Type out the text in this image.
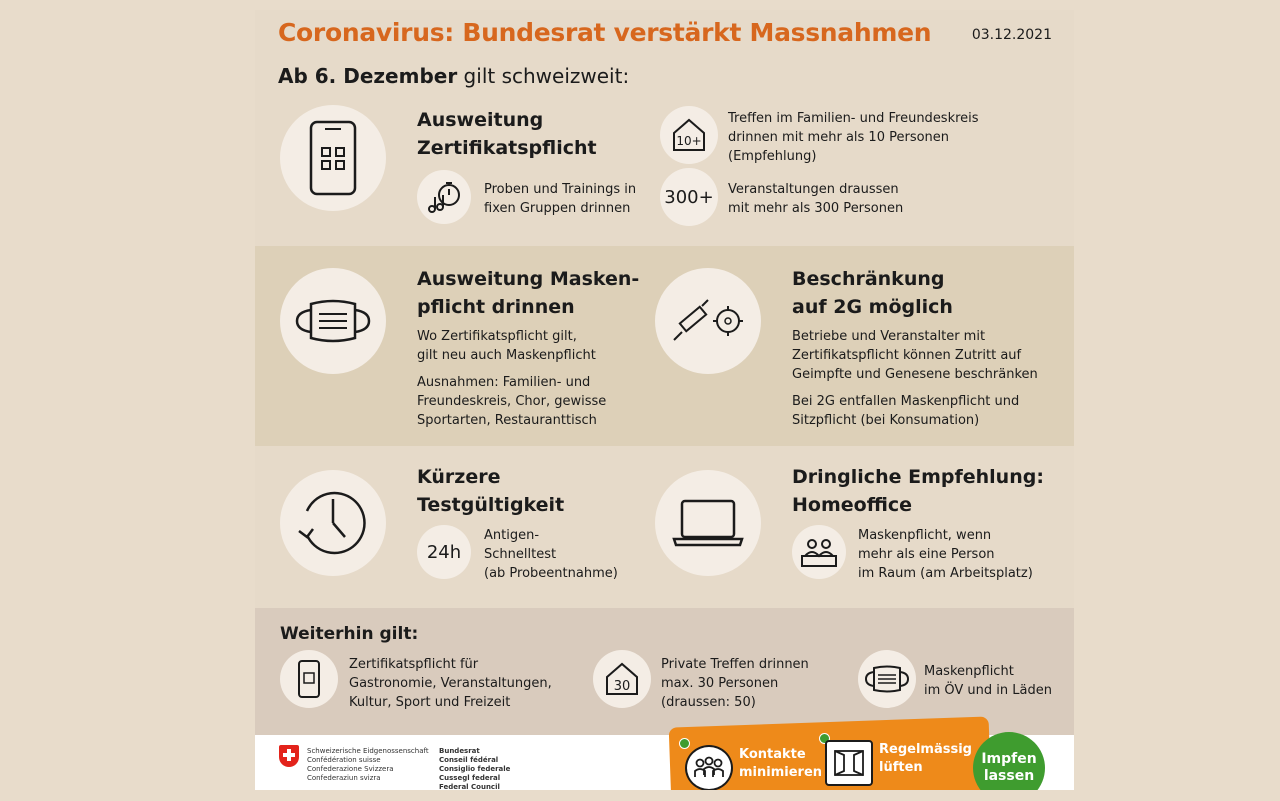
Coronavirus: Bundesrat verstärkt Massnahmen	03.12.2021
Ab 6. Dezember gilt schweizweit:
Ausweitung
Zertifikatspflicht
Proben und Trainings in
fixen Gruppen drinnen
10+
Treffen im Familien- und Freundeskreis
drinnen mit mehr als 10 Personen
(Empfehlung)
300+	Veranstaltungen draussen
mit mehr als 300 Personen
Ausweitung Masken-
pflicht drinnen
Wo Zertifikatspflicht gilt,
gilt neu auch Maskenpflicht
Ausnahmen: Familien- und
Freundeskreis, Chor, gewisse
Sportarten, Restauranttisch
Beschränkung
auf 2G möglich
Betriebe und Veranstalter mit
Zertifikatspflicht können Zutritt auf
Geimpfte und Genesene beschränken
Bei 2G entfallen Maskenpflicht und
Sitzpflicht (bei Konsumation)
Kürzere
Testgültigkeit
24h
Antigen-
Schnelltest
(ab Probeentnahme)
Dringliche Empfehlung:
Homeoffice
Maskenpflicht, wenn
mehr als eine Person
im Raum (am Arbeitsplatz)
Weiterhin gilt:
Zertifikatspflicht für
Gastronomie, Veranstaltungen,
Kultur, Sport und Freizeit
30
Private Treffen drinnen
max. 30 Personen
(draussen: 50)
Maskenpflicht
im ÖV und in Läden
Schweizerische Eidgenossenschaft
Confédération suisse
Confederazione Svizzera
Confederaziun svizra
Bundesrat
Conseil fédéral
Consiglio federale
Cussegl federal
Federal Council
Kontakte
minimieren
Regelmässig
lüften
Impfen
lassen
